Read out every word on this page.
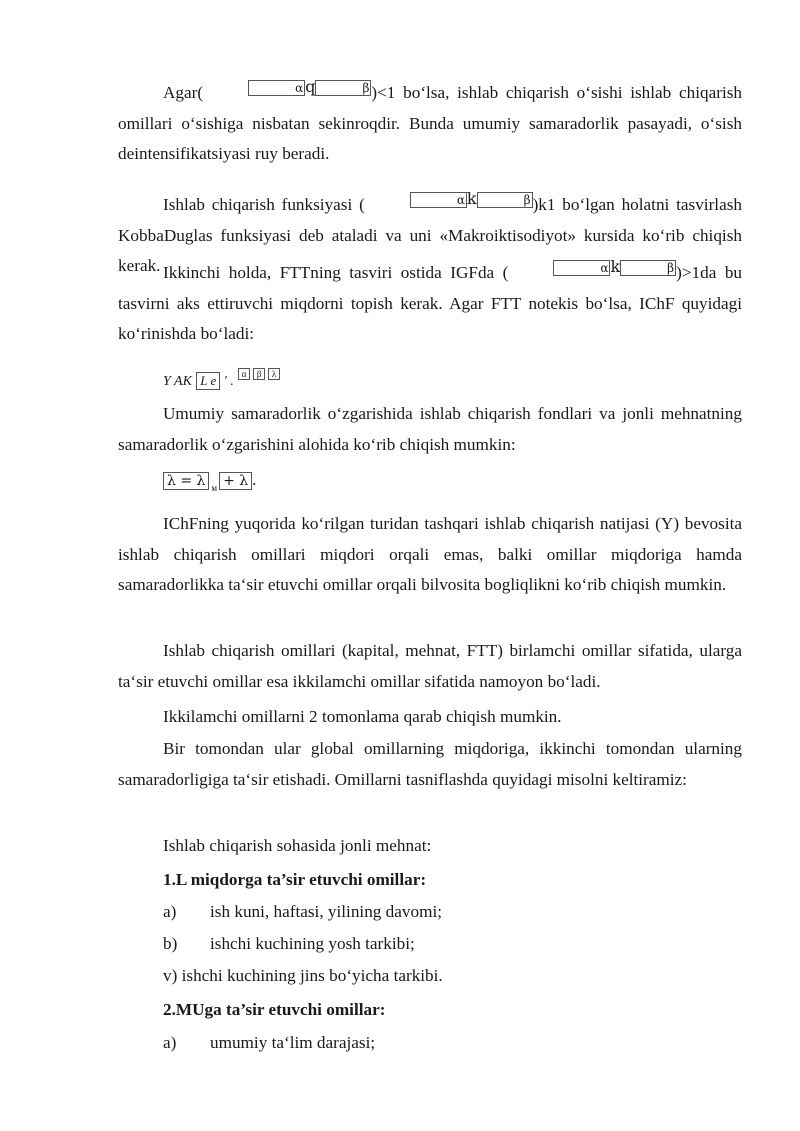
Agar(	α q	β )<1 bo‘lsa, ishlab chiqarish o‘sishi ishlab chiqarish omillari o‘sishiga nisbatan sekinroqdir. Bunda umumiy samaradorlik pasayadi, o‘sish deintensifikatsiyasi ruy beradi.

Ishlab chiqarish funksiyasi (	α k	β )k1 bo‘lgan holatni tasvirlash KobbaDuglas funksiyasi deb ataladi va uni «Makroiktisodiyot» kursida ko‘rib chiqish kerak. Ikkinchi holda, FTTning tasviri ostida IGFda (	α k	β )>1da bu tasvirni aks ettiruvchi miqdorni topish kerak. Agar FTT notekis bo‘lsa, IChF quyidagi ko‘rinishda bo‘ladi:

Y AK L e ′ . α β λ

Umumiy samaradorlik o‘zgarishida ishlab chiqarish fondlari va jonli mehnatning samaradorlik o‘zgarishini alohida ko‘rib chiqish mumkin:

λ = λ $_м$ + λ .

IChFning yuqorida ko‘rilgan turidan tashqari ishlab chiqarish natijasi (Y) bevosita ishlab chiqarish omillari miqdori orqali emas, balki omillar miqdoriga hamda samaradorlikka ta‘sir etuvchi omillar orqali bilvosita bogliqlikni ko‘rib chiqish mumkin.

Ishlab chiqarish omillari (kapital, mehnat, FTT) birlamchi omillar sifatida, ularga ta‘sir etuvchi omillar esa ikkilamchi omillar sifatida namoyon bo‘ladi.

Ikkilamchi omillarni 2 tomonlama qarab chiqish mumkin.

Bir tomondan ular global omillarning miqdoriga, ikkinchi tomondan ularning samaradorligiga ta‘sir etishadi. Omillarni tasniflashda quyidagi misolni keltiramiz:

Ishlab chiqarish sohasida jonli mehnat:
1.L miqdorga ta’sir etuvchi omillar:
a) ish kuni, haftasi, yilining davomi;
b) ishchi kuchining yosh tarkibi;
v) ishchi kuchining jins bo‘yicha tarkibi.
2.MUga ta’sir etuvchi omillar:
a) umumiy ta‘lim darajasi;
